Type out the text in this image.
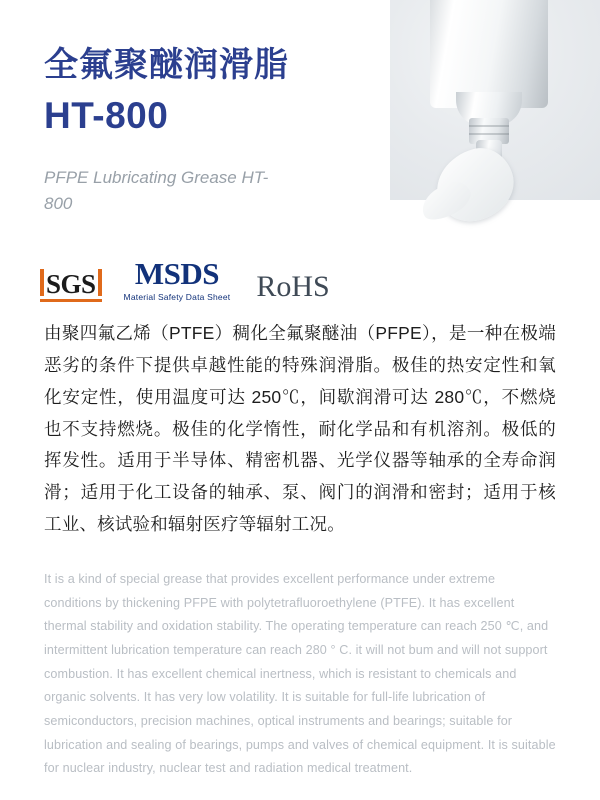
全氟聚醚润滑脂
HT-800
PFPE Lubricating Grease HT-800
SGS	MSDS
Material Safety Data Sheet RoHS
由聚四氟乙烯（PTFE）稠化全氟聚醚油（PFPE），是一种在极端恶劣的条件下提供卓越性能的特殊润滑脂。极佳的热安定性和氧化安定性，使用温度可达 250℃，间歇润滑可达 280℃，不燃烧也不支持燃烧。极佳的化学惰性，耐化学品和有机溶剂。极低的挥发性。适用于半导体、精密机器、光学仪器等轴承的全寿命润滑；适用于化工设备的轴承、泵、阀门的润滑和密封；适用于核工业、核试验和辐射医疗等辐射工况。
It is a kind of special grease that provides excellent performance under extreme conditions by thickening PFPE with polytetrafluoroethylene (PTFE). It has excellent thermal stability and oxidation stability. The operating temperature can reach 250 ℃, and intermittent lubrication temperature can reach 280 ° C. it will not bum and will not support combustion. It has excellent chemical inertness, which is resistant to chemicals and organic solvents. It has very low volatility. It is suitable for full-life lubrication of semiconductors, precision machines, optical instruments and bearings; suitable for lubrication and sealing of bearings, pumps and valves of chemical equipment. It is suitable for nuclear industry, nuclear test and radiation medical treatment.
